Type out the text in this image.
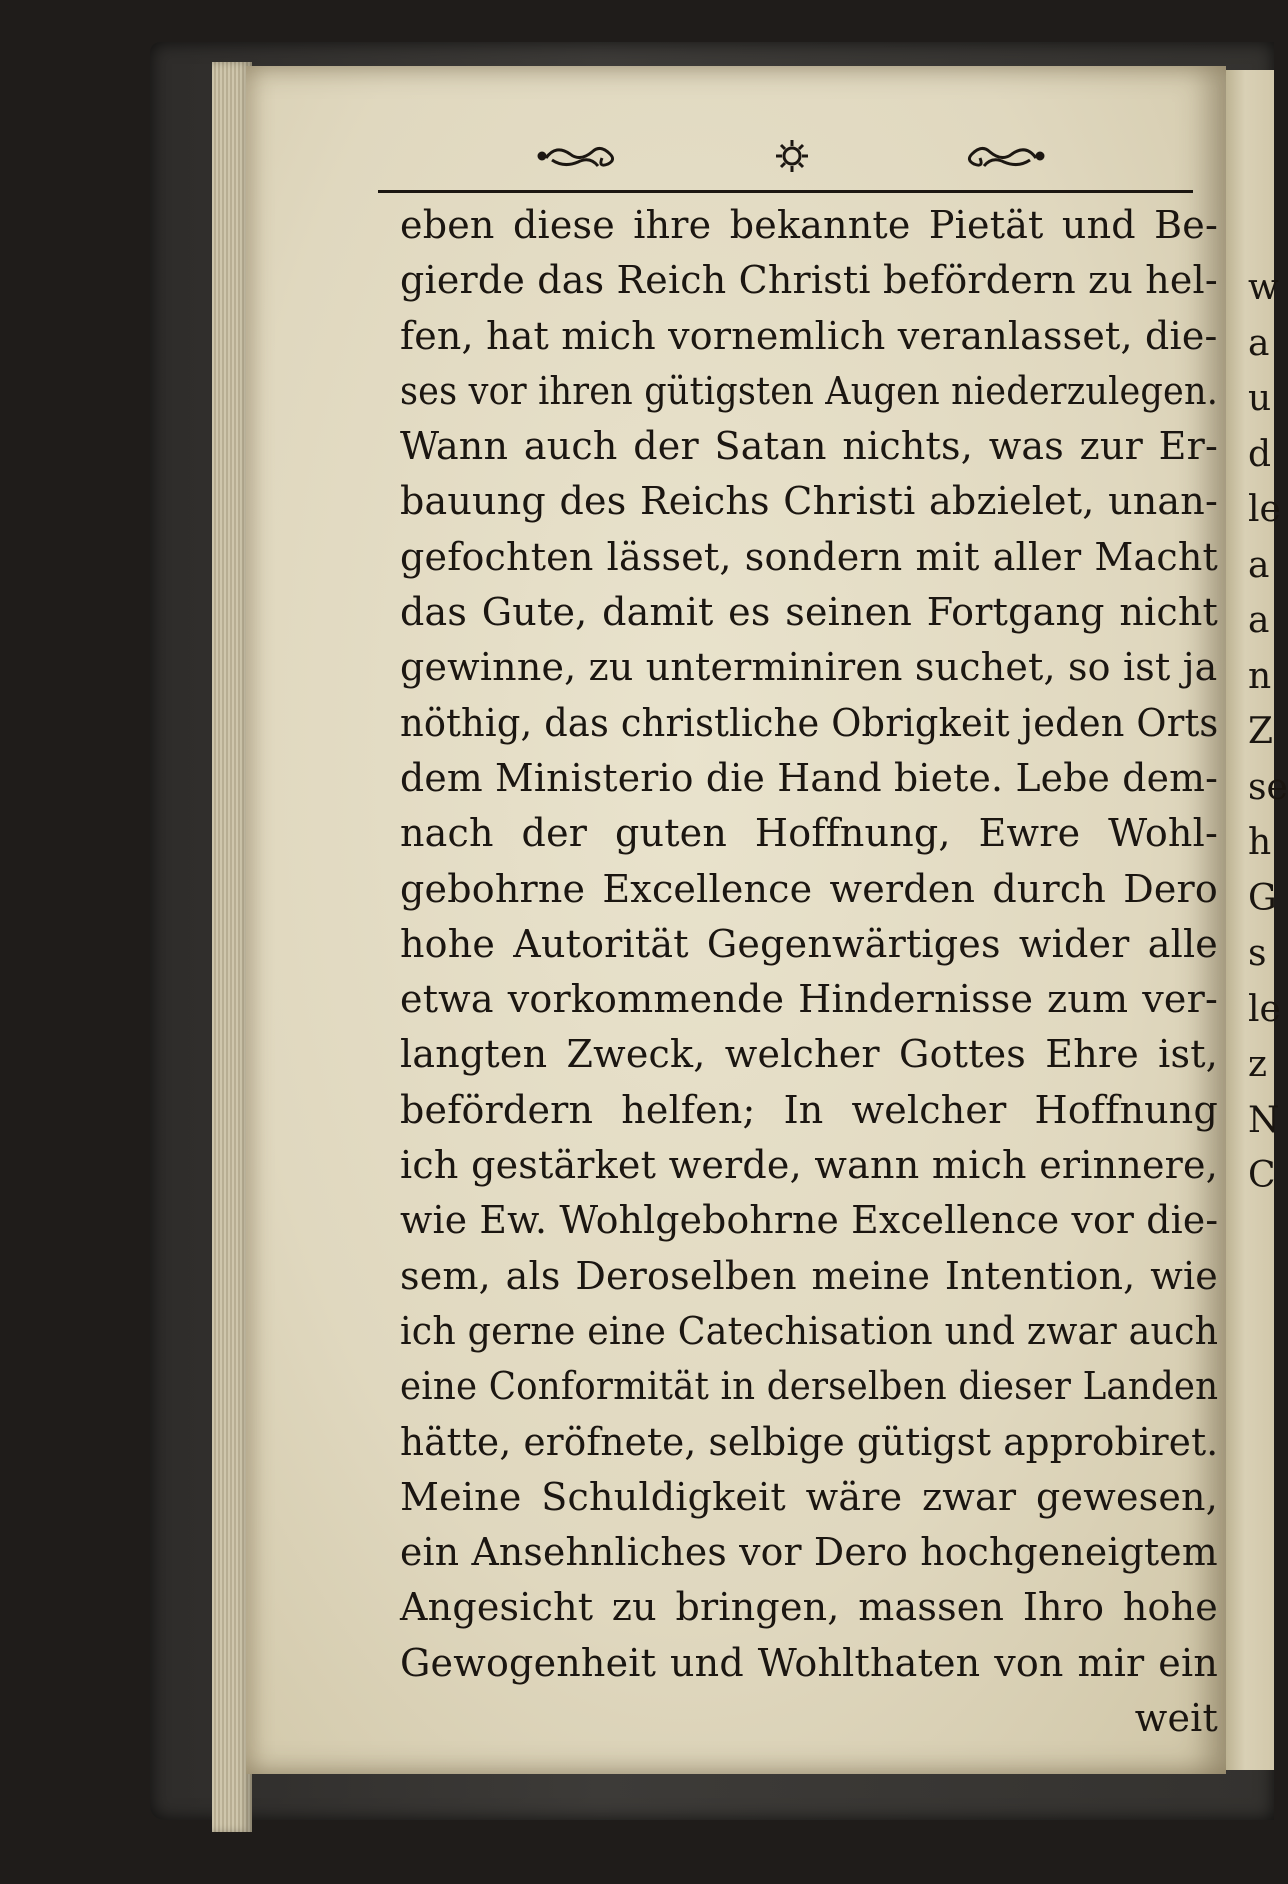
w
a
u
d
le
a
a
n
Z
se
h
G
s
le
z
N
C
eben diese ihre bekannte Pietät und Be-
gierde das Reich Christi befördern zu hel-
fen, hat mich vornemlich veranlasset, die-
ses vor ihren gütigsten Augen niederzulegen.
Wann auch der Satan nichts, was zur Er-
bauung des Reichs Christi abzielet, unan-
gefochten lässet, sondern mit aller Macht
das Gute, damit es seinen Fortgang nicht
gewinne, zu unterminiren suchet, so ist ja
nöthig, das christliche Obrigkeit jeden Orts
dem Ministerio die Hand biete. Lebe dem-
nach der guten Hoffnung, Ewre Wohl-
gebohrne Excellence werden durch Dero
hohe Autorität Gegenwärtiges wider alle
etwa vorkommende Hindernisse zum ver-
langten Zweck, welcher Gottes Ehre ist,
befördern helfen; In welcher Hoffnung
ich gestärket werde, wann mich erinnere,
wie Ew. Wohlgebohrne Excellence vor die-
sem, als Deroselben meine Intention, wie
ich gerne eine Catechisation und zwar auch
eine Conformität in derselben dieser Landen
hätte, eröfnete, selbige gütigst approbiret.
Meine Schuldigkeit wäre zwar gewesen,
ein Ansehnliches vor Dero hochgeneigtem
Angesicht zu bringen, massen Ihro hohe
Gewogenheit und Wohlthaten von mir ein
weit
